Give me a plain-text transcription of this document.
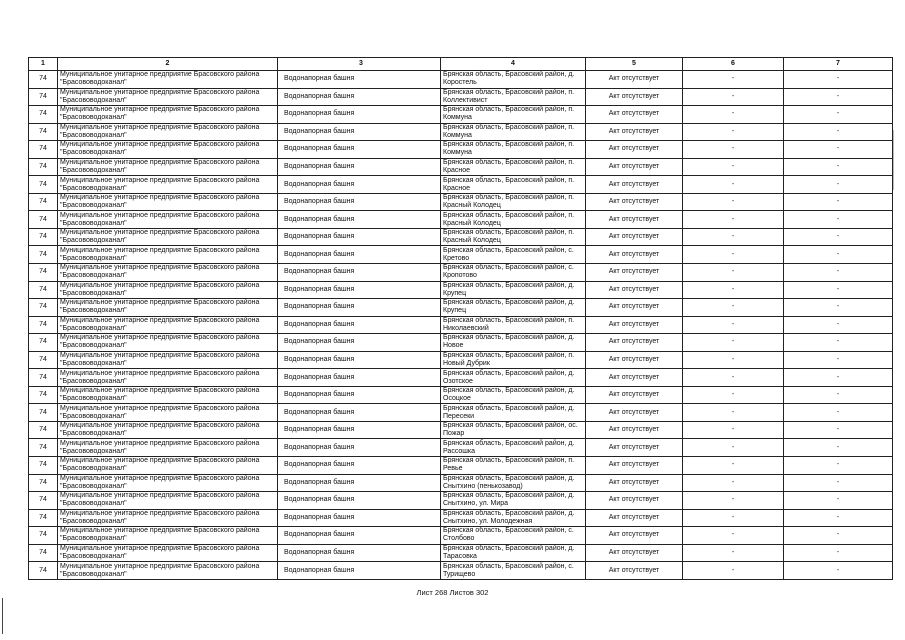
1	2	3	4	5	6	7
74	Муниципальное унитарное предприятие Брасовского района "Брасововодоканал"	Водонапорная башня	Брянская область, Брасовский район, д. Коростель	Акт отсутствует	-	-
74	Муниципальное унитарное предприятие Брасовского района "Брасововодоканал"	Водонапорная башня	Брянская область, Брасовский район, п. Коллективист	Акт отсутствует	-	-
74	Муниципальное унитарное предприятие Брасовского района "Брасововодоканал"	Водонапорная башня	Брянская область, Брасовский район, п. Коммуна	Акт отсутствует	-	-
74	Муниципальное унитарное предприятие Брасовского района "Брасововодоканал"	Водонапорная башня	Брянская область, Брасовский район, п. Коммуна	Акт отсутствует	-	-
74	Муниципальное унитарное предприятие Брасовского района "Брасововодоканал"	Водонапорная башня	Брянская область, Брасовский район, п. Коммуна	Акт отсутствует	-	-
74	Муниципальное унитарное предприятие Брасовского района "Брасововодоканал"	Водонапорная башня	Брянская область, Брасовский район, п. Красное	Акт отсутствует	-	-
74	Муниципальное унитарное предприятие Брасовского района "Брасововодоканал"	Водонапорная башня	Брянская область, Брасовский район, п. Красное	Акт отсутствует	-	-
74	Муниципальное унитарное предприятие Брасовского района "Брасововодоканал"	Водонапорная башня	Брянская область, Брасовский район, п. Красный Колодец	Акт отсутствует	-	-
74	Муниципальное унитарное предприятие Брасовского района "Брасововодоканал"	Водонапорная башня	Брянская область, Брасовский район, п. Красный Колодец	Акт отсутствует	-	-
74	Муниципальное унитарное предприятие Брасовского района "Брасововодоканал"	Водонапорная башня	Брянская область, Брасовский район, п. Красный Колодец	Акт отсутствует	-	-
74	Муниципальное унитарное предприятие Брасовского района "Брасововодоканал"	Водонапорная башня	Брянская область, Брасовский район, с. Кретово	Акт отсутствует	-	-
74	Муниципальное унитарное предприятие Брасовского района "Брасововодоканал"	Водонапорная башня	Брянская область, Брасовский район, с. Кропотово	Акт отсутствует	-	-
74	Муниципальное унитарное предприятие Брасовского района "Брасововодоканал"	Водонапорная башня	Брянская область, Брасовский район, д. Крупец	Акт отсутствует	-	-
74	Муниципальное унитарное предприятие Брасовского района "Брасововодоканал"	Водонапорная башня	Брянская область, Брасовский район, д. Крупец	Акт отсутствует	-	-
74	Муниципальное унитарное предприятие Брасовского района "Брасововодоканал"	Водонапорная башня	Брянская область, Брасовский район, п. Николаевский	Акт отсутствует	-	-
74	Муниципальное унитарное предприятие Брасовского района "Брасововодоканал"	Водонапорная башня	Брянская область, Брасовский район, д. Новое	Акт отсутствует	-	-
74	Муниципальное унитарное предприятие Брасовского района "Брасововодоканал"	Водонапорная башня	Брянская область, Брасовский район, п. Новый Дубрик	Акт отсутствует	-	-
74	Муниципальное унитарное предприятие Брасовского района "Брасововодоканал"	Водонапорная башня	Брянская область, Брасовский район, д. Озотское	Акт отсутствует	-	-
74	Муниципальное унитарное предприятие Брасовского района "Брасововодоканал"	Водонапорная башня	Брянская область, Брасовский район, д. Осоцкое	Акт отсутствует	-	-
74	Муниципальное унитарное предприятие Брасовского района "Брасововодоканал"	Водонапорная башня	Брянская область, Брасовский район, д. Пересеки	Акт отсутствует	-	-
74	Муниципальное унитарное предприятие Брасовского района "Брасововодоканал"	Водонапорная башня	Брянская область, Брасовский район, ос. Пожар	Акт отсутствует	-	-
74	Муниципальное унитарное предприятие Брасовского района "Брасововодоканал"	Водонапорная башня	Брянская область, Брасовский район, д. Рассошка	Акт отсутствует	-	-
74	Муниципальное унитарное предприятие Брасовского района "Брасововодоканал"	Водонапорная башня	Брянская область, Брасовский район, п. Ревье	Акт отсутствует	-	-
74	Муниципальное унитарное предприятие Брасовского района "Брасововодоканал"	Водонапорная башня	Брянская область, Брасовский район, д. Снытхино (пенькозавод)	Акт отсутствует	-	-
74	Муниципальное унитарное предприятие Брасовского района "Брасововодоканал"	Водонапорная башня	Брянская область, Брасовский район, д. Снытхино, ул. Мира	Акт отсутствует	-	-
74	Муниципальное унитарное предприятие Брасовского района "Брасововодоканал"	Водонапорная башня	Брянская область, Брасовский район, д. Снытхино, ул. Молодежная	Акт отсутствует	-	-
74	Муниципальное унитарное предприятие Брасовского района "Брасововодоканал"	Водонапорная башня	Брянская область, Брасовский район, с. Столбово	Акт отсутствует	-	-
74	Муниципальное унитарное предприятие Брасовского района "Брасововодоканал"	Водонапорная башня	Брянская область, Брасовский район, д. Тарасовка	Акт отсутствует	-	-
74	Муниципальное унитарное предприятие Брасовского района "Брасововодоканал"	Водонапорная башня	Брянская область, Брасовский район, с. Турищево	Акт отсутствует	-	-
Лист 268 Листов 302
